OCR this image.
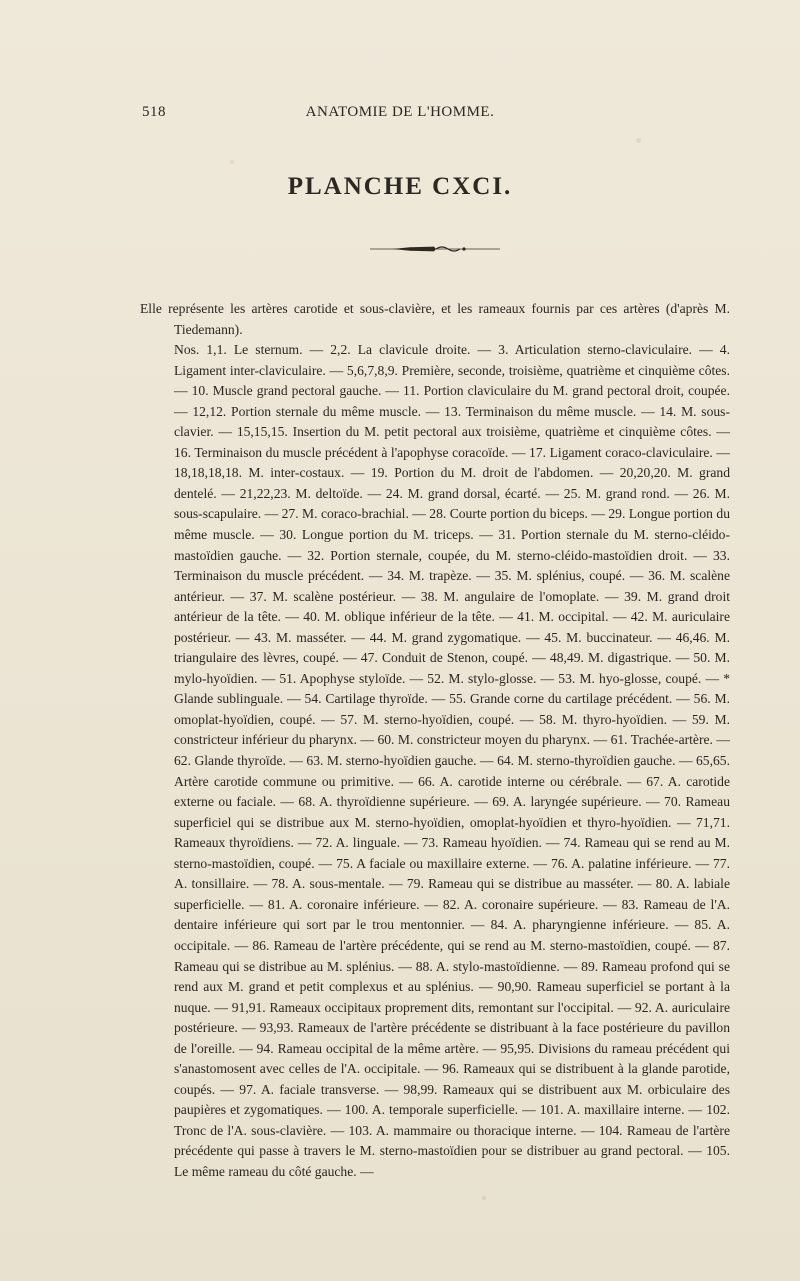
518	ANATOMIE DE L'HOMME.
PLANCHE CXCI.

Elle représente les artères carotide et sous-clavière, et les rameaux fournis par ces artères (d'après M. Tiedemann).

Nos. 1,1. Le sternum. — 2,2. La clavicule droite. — 3. Articulation sterno-claviculaire. — 4. Ligament inter-claviculaire. — 5,6,7,8,9. Première, seconde, troisième, quatrième et cinquième côtes. — 10. Muscle grand pectoral gauche. — 11. Portion claviculaire du M. grand pectoral droit, coupée. — 12,12. Portion sternale du même muscle. — 13. Terminaison du même muscle. — 14. M. sous-clavier. — 15,15,15. Insertion du M. petit pectoral aux troisième, quatrième et cinquième côtes. — 16. Terminaison du muscle précédent à l'apophyse coracoïde. — 17. Ligament coraco-claviculaire. — 18,18,18,18. M. inter-costaux. — 19. Portion du M. droit de l'abdomen. — 20,20,20. M. grand dentelé. — 21,22,23. M. deltoïde. — 24. M. grand dorsal, écarté. — 25. M. grand rond. — 26. M. sous-scapulaire. — 27. M. coraco-brachial. — 28. Courte portion du biceps. — 29. Longue portion du même muscle. — 30. Longue portion du M. triceps. — 31. Portion sternale du M. sterno-cléido-mastoïdien gauche. — 32. Portion sternale, coupée, du M. sterno-cléido-mastoïdien droit. — 33. Terminaison du muscle précédent. — 34. M. trapèze. — 35. M. splénius, coupé. — 36. M. scalène antérieur. — 37. M. scalène postérieur. — 38. M. angulaire de l'omoplate. — 39. M. grand droit antérieur de la tête. — 40. M. oblique inférieur de la tête. — 41. M. occipital. — 42. M. auriculaire postérieur. — 43. M. masséter. — 44. M. grand zygomatique. — 45. M. buccinateur. — 46,46. M. triangulaire des lèvres, coupé. — 47. Conduit de Stenon, coupé. — 48,49. M. digastrique. — 50. M. mylo-hyoïdien. — 51. Apophyse styloïde. — 52. M. stylo-glosse. — 53. M. hyo-glosse, coupé. — * Glande sublinguale. — 54. Cartilage thyroïde. — 55. Grande corne du cartilage précédent. — 56. M. omoplat-hyoïdien, coupé. — 57. M. sterno-hyoïdien, coupé. — 58. M. thyro-hyoïdien. — 59. M. constricteur inférieur du pharynx. — 60. M. constricteur moyen du pharynx. — 61. Trachée-artère. — 62. Glande thyroïde. — 63. M. sterno-hyoïdien gauche. — 64. M. sterno-thyroïdien gauche. — 65,65. Artère carotide commune ou primitive. — 66. A. carotide interne ou cérébrale. — 67. A. carotide externe ou faciale. — 68. A. thyroïdienne supérieure. — 69. A. laryngée supérieure. — 70. Rameau superficiel qui se distribue aux M. sterno-hyoïdien, omoplat-hyoïdien et thyro-hyoïdien. — 71,71. Rameaux thyroïdiens. — 72. A. linguale. — 73. Rameau hyoïdien. — 74. Rameau qui se rend au M. sterno-mastoïdien, coupé. — 75. A faciale ou maxillaire externe. — 76. A. palatine inférieure. — 77. A. tonsillaire. — 78. A. sous-mentale. — 79. Rameau qui se distribue au masséter. — 80. A. labiale superficielle. — 81. A. coronaire inférieure. — 82. A. coronaire supérieure. — 83. Rameau de l'A. dentaire inférieure qui sort par le trou mentonnier. — 84. A. pharyngienne inférieure. — 85. A. occipitale. — 86. Rameau de l'artère précédente, qui se rend au M. sterno-mastoïdien, coupé. — 87. Rameau qui se distribue au M. splénius. — 88. A. stylo-mastoïdienne. — 89. Rameau profond qui se rend aux M. grand et petit complexus et au splénius. — 90,90. Rameau superficiel se portant à la nuque. — 91,91. Rameaux occipitaux proprement dits, remontant sur l'occipital. — 92. A. auriculaire postérieure. — 93,93. Rameaux de l'artère précédente se distribuant à la face postérieure du pavillon de l'oreille. — 94. Rameau occipital de la même artère. — 95,95. Divisions du rameau précédent qui s'anastomosent avec celles de l'A. occipitale. — 96. Rameaux qui se distribuent à la glande parotide, coupés. — 97. A. faciale transverse. — 98,99. Rameaux qui se distribuent aux M. orbiculaire des paupières et zygomatiques. — 100. A. temporale superficielle. — 101. A. maxillaire interne. — 102. Tronc de l'A. sous-clavière. — 103. A. mammaire ou thoracique interne. — 104. Rameau de l'artère précédente qui passe à travers le M. sterno-mastoïdien pour se distribuer au grand pectoral. — 105. Le même rameau du côté gauche. —
